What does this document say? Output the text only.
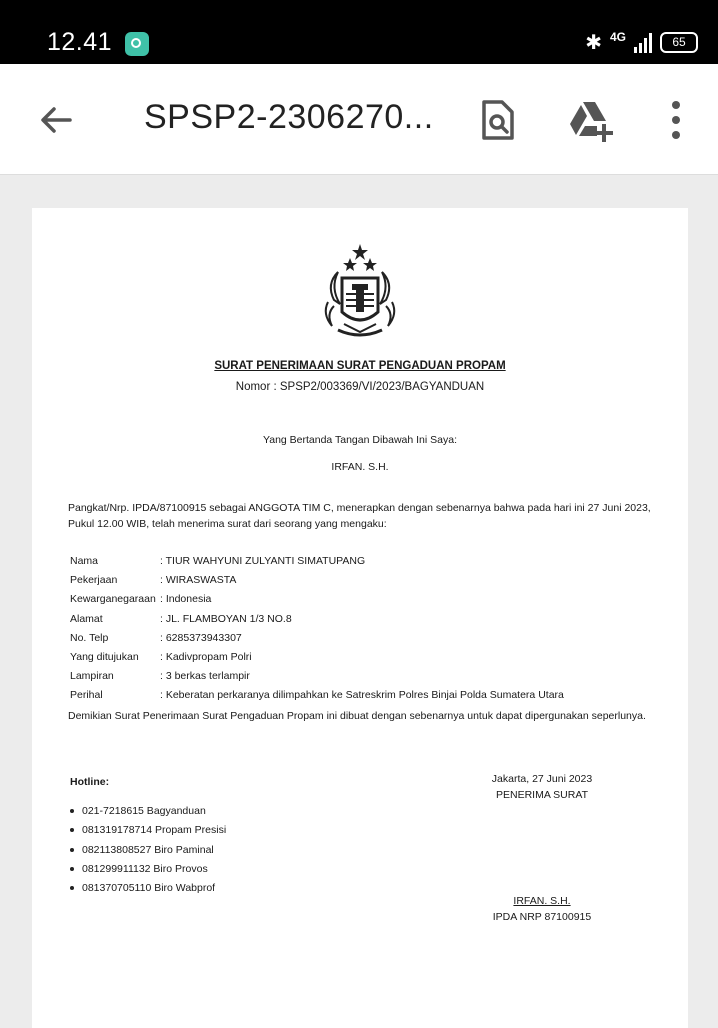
12.41	✱ 4G	65
SPSP2-2306270...
SURAT PENERIMAAN SURAT PENGADUAN PROPAM
Nomor : SPSP2/003369/VI/2023/BAGYANDUAN
Yang Bertanda Tangan Dibawah Ini Saya:
IRFAN. S.H.
Pangkat/Nrp. IPDA/87100915 sebagai ANGGOTA TIM C, menerapkan dengan sebenarnya bahwa pada hari ini 27 Juni 2023, Pukul 12.00 WIB, telah menerima surat dari seorang yang mengaku:
Nama	: TIUR WAHYUNI ZULYANTI SIMATUPANG
Pekerjaan	: WIRASWASTA
Kewarganegaraan	: Indonesia
Alamat	: JL. FLAMBOYAN 1/3 NO.8
No. Telp	: 6285373943307
Yang ditujukan	: Kadivpropam Polri
Lampiran	: 3 berkas terlampir
Perihal	: Keberatan perkaranya dilimpahkan ke Satreskrim Polres Binjai Polda Sumatera Utara
Demikian Surat Penerimaan Surat Pengaduan Propam ini dibuat dengan sebenarnya untuk dapat dipergunakan seperlunya.
Hotline:
021-7218615 Bagyanduan
081319178714 Propam Presisi
082113808527 Biro Paminal
081299911132 Biro Provos
081370705110 Biro Wabprof
Jakarta, 27 Juni 2023
PENERIMA SURAT
IRFAN. S.H.
IPDA NRP 87100915
